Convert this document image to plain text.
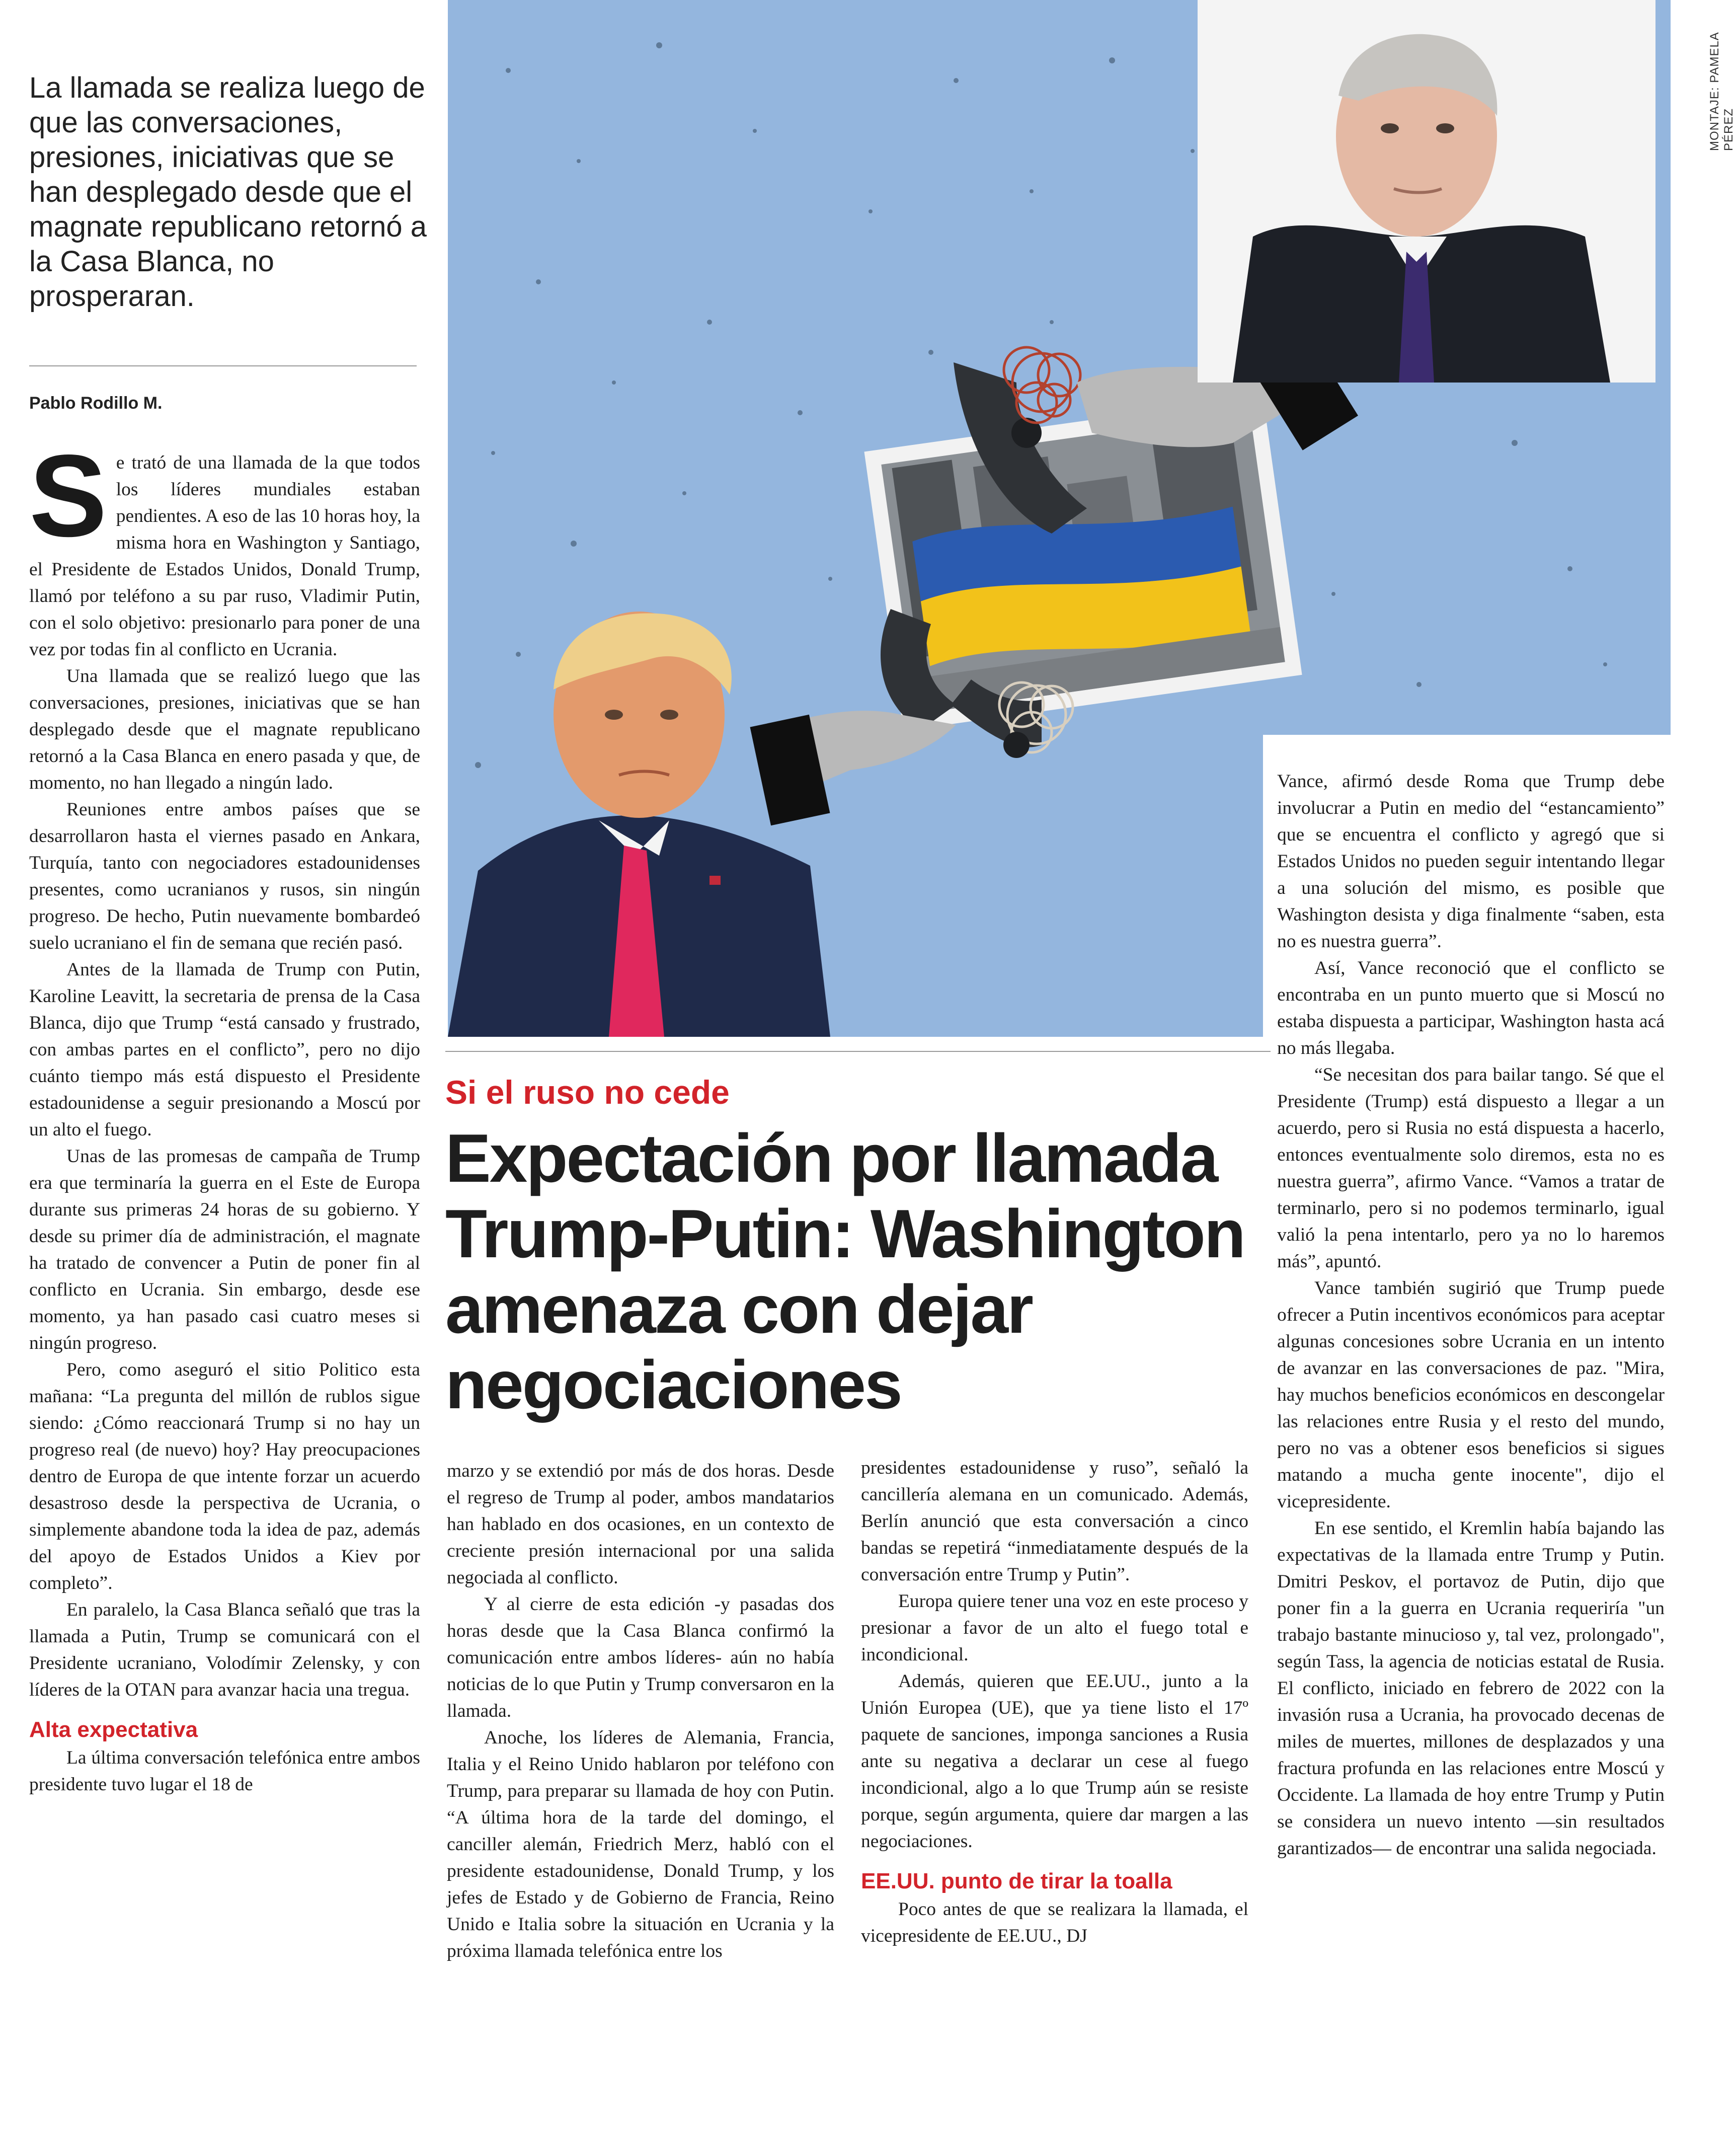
MONTAJE: PAMELA PÉREZ
La llamada se realiza luego de que las conversaciones, presiones, iniciativas que se han desplegado desde que el magnate republicano retornó a la Casa Blanca, no prosperaran.
Pablo Rodillo M.

Se trató de una llamada de la que todos los líderes mundiales estaban pendientes. A eso de las 10 horas hoy, la misma hora en Washington y Santiago, el Presidente de Estados Unidos, Donald Trump, llamó por teléfono a su par ruso, Vladimir Putin, con el solo objetivo: presionarlo para poner de una vez por todas fin al conflicto en Ucrania.

Una llamada que se realizó luego que las conversaciones, presiones, iniciativas que se han desplegado desde que el magnate republicano retornó a la Casa Blanca en enero pasada y que, de momento, no han llegado a ningún lado.

Reuniones entre ambos países que se desarrollaron hasta el viernes pasado en Ankara, Turquía, tanto con negociadores estadounidenses presentes, como ucranianos y rusos, sin ningún progreso. De hecho, Putin nuevamente bombardeó suelo ucraniano el fin de semana que recién pasó.

Antes de la llamada de Trump con Putin, Karoline Leavitt, la secretaria de prensa de la Casa Blanca, dijo que Trump “está cansado y frustrado, con ambas partes en el conflicto”, pero no dijo cuánto tiempo más está dispuesto el Presidente estadounidense a seguir presionando a Moscú por un alto el fuego.

Unas de las promesas de campaña de Trump era que terminaría la guerra en el Este de Europa durante sus primeras 24 horas de su gobierno. Y desde su primer día de administración, el magnate ha tratado de convencer a Putin de poner fin al conflicto en Ucrania. Sin embargo, desde ese momento, ya han pasado casi cuatro meses si ningún progreso.

Pero, como aseguró el sitio Politico esta mañana: “La pregunta del millón de rublos sigue siendo: ¿Cómo reaccionará Trump si no hay un progreso real (de nuevo) hoy? Hay preocupaciones dentro de Europa de que intente forzar un acuerdo desastroso desde la perspectiva de Ucrania, o simplemente abandone toda la idea de paz, además del apoyo de Estados Unidos a Kiev por completo”.

En paralelo, la Casa Blanca señaló que tras la llamada a Putin, Trump se comunicará con el Presidente ucraniano, Volodímir Zelensky, y con líderes de la OTAN para avanzar hacia una tregua.

Alta expectativa

La última conversación telefónica entre ambos presidente tuvo lugar el 18 de

Si el ruso no cede
Expectación por llamada Trump-Putin: Washington amenaza con dejar negociaciones

marzo y se extendió por más de dos horas. Desde el regreso de Trump al poder, ambos mandatarios han hablado en dos ocasiones, en un contexto de creciente presión internacional por una salida negociada al conflicto.

Y al cierre de esta edición -y pasadas dos horas desde que la Casa Blanca confirmó la comunicación entre ambos líderes- aún no había noticias de lo que Putin y Trump conversaron en la llamada.

Anoche, los líderes de Alemania, Francia, Italia y el Reino Unido hablaron por teléfono con Trump, para preparar su llamada de hoy con Putin. “A última hora de la tarde del domingo, el canciller alemán, Friedrich Merz, habló con el presidente estadounidense, Donald Trump, y los jefes de Estado y de Gobierno de Francia, Reino Unido e Italia sobre la situación en Ucrania y la próxima llamada telefónica entre los

presidentes estadounidense y ruso”, señaló la cancillería alemana en un comunicado. Además, Berlín anunció que esta conversación a cinco bandas se repetirá “inmediatamente después de la conversación entre Trump y Putin”.

Europa quiere tener una voz en este proceso y presionar a favor de un alto el fuego total e incondicional.

Además, quieren que EE.UU., junto a la Unión Europea (UE), que ya tiene listo el 17º paquete de sanciones, imponga sanciones a Rusia ante su negativa a declarar un cese al fuego incondicional, algo a lo que Trump aún se resiste porque, según argumenta, quiere dar margen a las negociaciones.

EE.UU. punto de tirar la toalla

Poco antes de que se realizara la llamada, el vicepresidente de EE.UU., DJ

Vance, afirmó desde Roma que Trump debe involucrar a Putin en medio del “estancamiento” que se encuentra el conflicto y agregó que si Estados Unidos no pueden seguir intentando llegar a una solución del mismo, es posible que Washington desista y diga finalmente “saben, esta no es nuestra guerra”.

Así, Vance reconoció que el conflicto se encontraba en un punto muerto que si Moscú no estaba dispuesta a participar, Washington hasta acá no más llegaba.

“Se necesitan dos para bailar tango. Sé que el Presidente (Trump) está dispuesto a llegar a un acuerdo, pero si Rusia no está dispuesta a hacerlo, entonces eventualmente solo diremos, esta no es nuestra guerra”, afirmo Vance. “Vamos a tratar de terminarlo, pero si no podemos terminarlo, igual valió la pena intentarlo, pero ya no lo haremos más”, apuntó.

Vance también sugirió que Trump puede ofrecer a Putin incentivos económicos para aceptar algunas concesiones sobre Ucrania en un intento de avanzar en las conversaciones de paz. "Mira, hay muchos beneficios económicos en descongelar las relaciones entre Rusia y el resto del mundo, pero no vas a obtener esos beneficios si sigues matando a mucha gente inocente", dijo el vicepresidente.

En ese sentido, el Kremlin había bajando las expectativas de la llamada entre Trump y Putin. Dmitri Peskov, el portavoz de Putin, dijo que poner fin a la guerra en Ucrania requeriría "un trabajo bastante minucioso y, tal vez, prolongado", según Tass, la agencia de noticias estatal de Rusia. El conflicto, iniciado en febrero de 2022 con la invasión rusa a Ucrania, ha provocado decenas de miles de muertes, millones de desplazados y una fractura profunda en las relaciones entre Moscú y Occidente. La llamada de hoy entre Trump y Putin se considera un nuevo intento —sin resultados garantizados— de encontrar una salida negociada.
